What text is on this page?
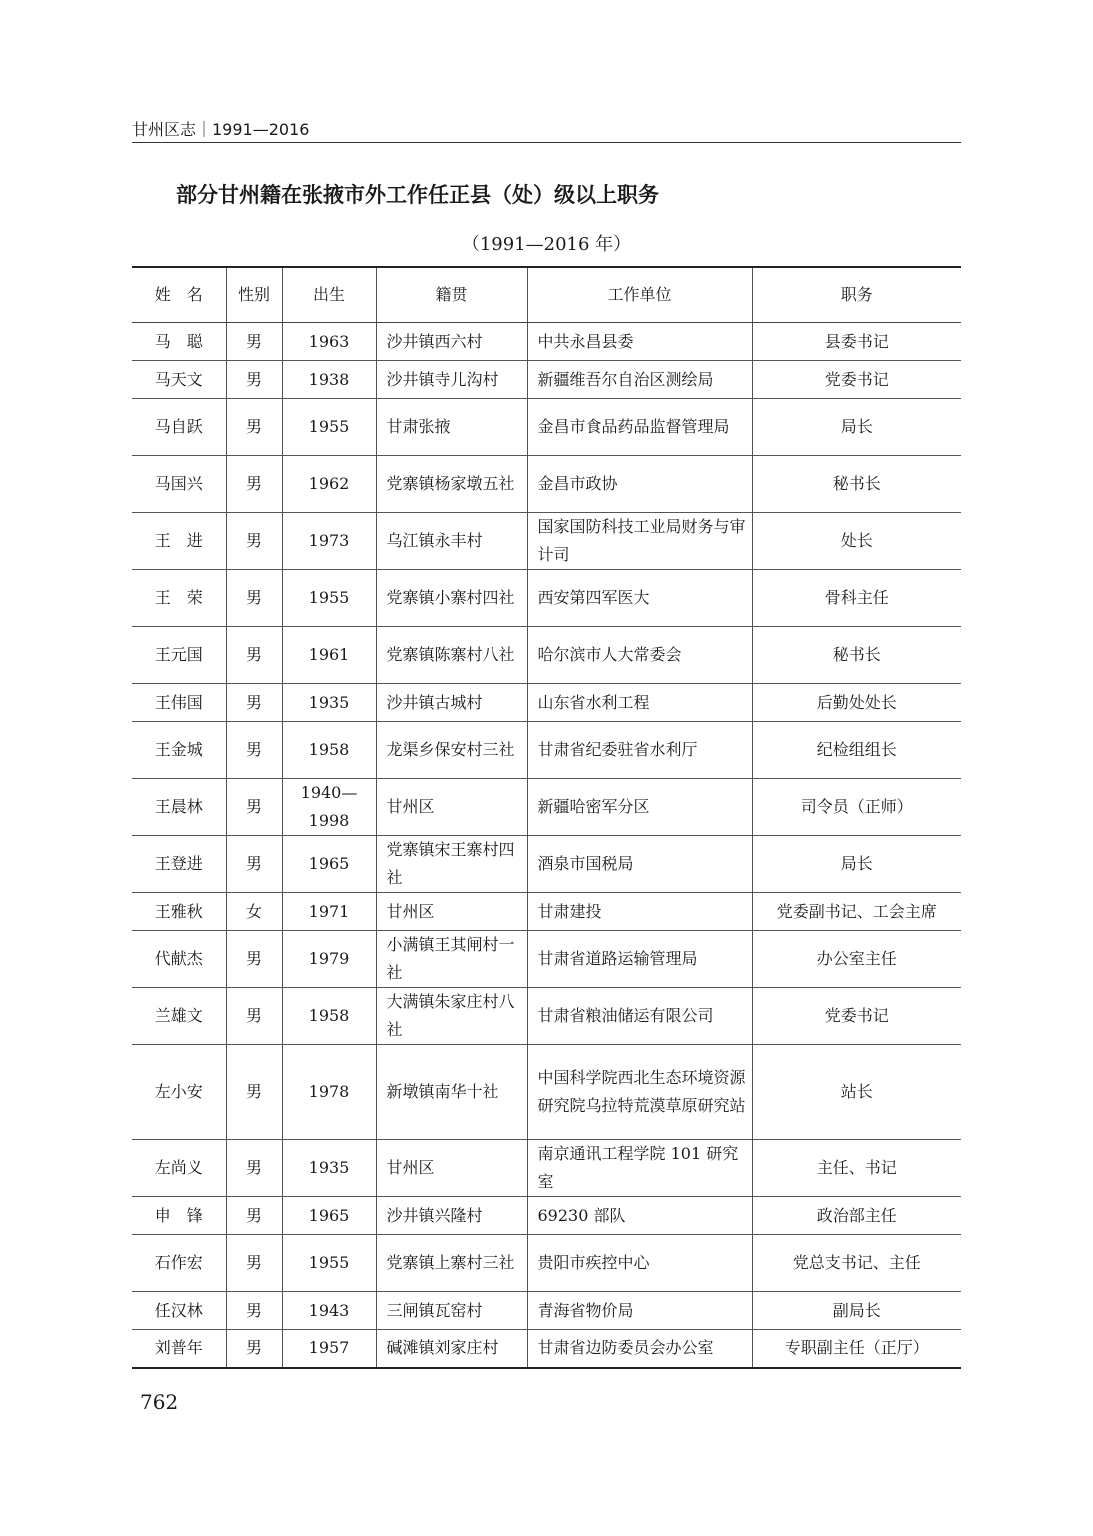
甘州区志｜1991—2016
部分甘州籍在张掖市外工作任正县（处）级以上职务
（1991—2016 年）
姓　名	性别	出生	籍贯	工作单位	职务
马　聪	男	1963	沙井镇西六村	中共永昌县委	县委书记
马天文	男	1938	沙井镇寺儿沟村	新疆维吾尔自治区测绘局	党委书记
马自跃	男	1955	甘肃张掖	金昌市食品药品监督管理局	局长
马国兴	男	1962	党寨镇杨家墩五社	金昌市政协	秘书长
王　进	男	1973	乌江镇永丰村	国家国防科技工业局财务与审计司	处长
王　荣	男	1955	党寨镇小寨村四社	西安第四军医大	骨科主任
王元国	男	1961	党寨镇陈寨村八社	哈尔滨市人大常委会	秘书长
王伟国	男	1935	沙井镇古城村	山东省水利工程	后勤处处长
王金城	男	1958	龙渠乡保安村三社	甘肃省纪委驻省水利厅	纪检组组长
王晨林	男	1940—1998	甘州区	新疆哈密军分区	司令员（正师）
王登进	男	1965	党寨镇宋王寨村四社	酒泉市国税局	局长
王雅秋	女	1971	甘州区	甘肃建投	党委副书记、工会主席
代献杰	男	1979	小满镇王其闸村一社	甘肃省道路运输管理局	办公室主任
兰雄文	男	1958	大满镇朱家庄村八社	甘肃省粮油储运有限公司	党委书记
左小安	男	1978	新墩镇南华十社	中国科学院西北生态环境资源研究院乌拉特荒漠草原研究站	站长
左尚义	男	1935	甘州区	南京通讯工程学院 101 研究室	主任、书记
申　锋	男	1965	沙井镇兴隆村	69230 部队	政治部主任
石作宏	男	1955	党寨镇上寨村三社	贵阳市疾控中心	党总支书记、主任
任汉林	男	1943	三闸镇瓦窑村	青海省物价局	副局长
刘普年	男	1957	碱滩镇刘家庄村	甘肃省边防委员会办公室	专职副主任（正厅）
762
